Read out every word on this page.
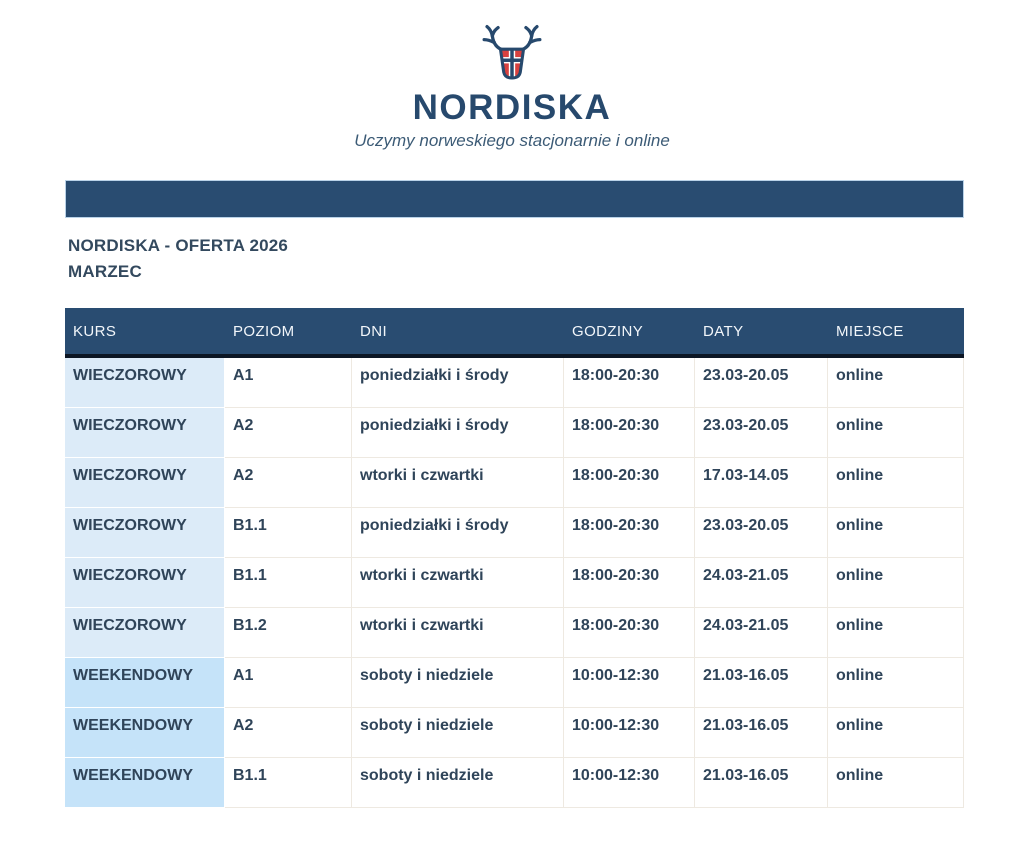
NORDISKA
Uczymy norweskiego stacjonarnie i online
NORDISKA - OFERTA 2026
MARZEC
KURS	POZIOM	DNI	GODZINY	DATY	MIEJSCE
WIECZOROWY	A1	poniedziałki i środy	18:00-20:30	23.03-20.05	online
WIECZOROWY	A2	poniedziałki i środy	18:00-20:30	23.03-20.05	online
WIECZOROWY	A2	wtorki i czwartki	18:00-20:30	17.03-14.05	online
WIECZOROWY	B1.1	poniedziałki i środy	18:00-20:30	23.03-20.05	online
WIECZOROWY	B1.1	wtorki i czwartki	18:00-20:30	24.03-21.05	online
WIECZOROWY	B1.2	wtorki i czwartki	18:00-20:30	24.03-21.05	online
WEEKENDOWY	A1	soboty i niedziele	10:00-12:30	21.03-16.05	online
WEEKENDOWY	A2	soboty i niedziele	10:00-12:30	21.03-16.05	online
WEEKENDOWY	B1.1	soboty i niedziele	10:00-12:30	21.03-16.05	online
